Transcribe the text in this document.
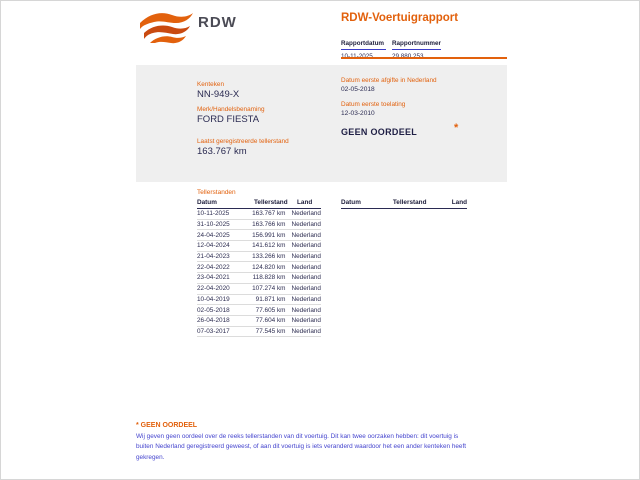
RDW	RDW-Voertuigrapport
Rapportdatum	Rapportnummer
Kenteken
NN-949-X
Merk/Handelsbenaming
FORD FIESTA
Laatst geregistreerde tellerstand
163.767 km
Datum eerste afgifte in Nederland
02-05-2018
Datum eerste toelating
12-03-2010
GEEN OORDEEL	*
Tellerstanden
Datum	Tellerstand	Land
10-11-2025	163.767 km Nederland
31-10-2025	163.766 km Nederland
24-04-2025	156.991 km Nederland
12-04-2024	141.612 km Nederland
21-04-2023	133.266 km Nederland
22-04-2022	124.820 km Nederland
23-04-2021	118.828 km Nederland
22-04-2020	107.274 km Nederland
10-04-2019	91.871 km Nederland
02-05-2018	77.605 km Nederland
26-04-2018	77.604 km Nederland
07-03-2017	77.545 km Nederland
Datum	Tellerstand	Land
* GEEN OORDEEL

Wij geven geen oordeel over de reeks tellerstanden van dit voertuig. Dit kan twee oorzaken hebben: dit voertuig is buiten Nederland geregistreerd geweest, of aan dit voertuig is iets veranderd waardoor het een ander kenteken heeft gekregen.
